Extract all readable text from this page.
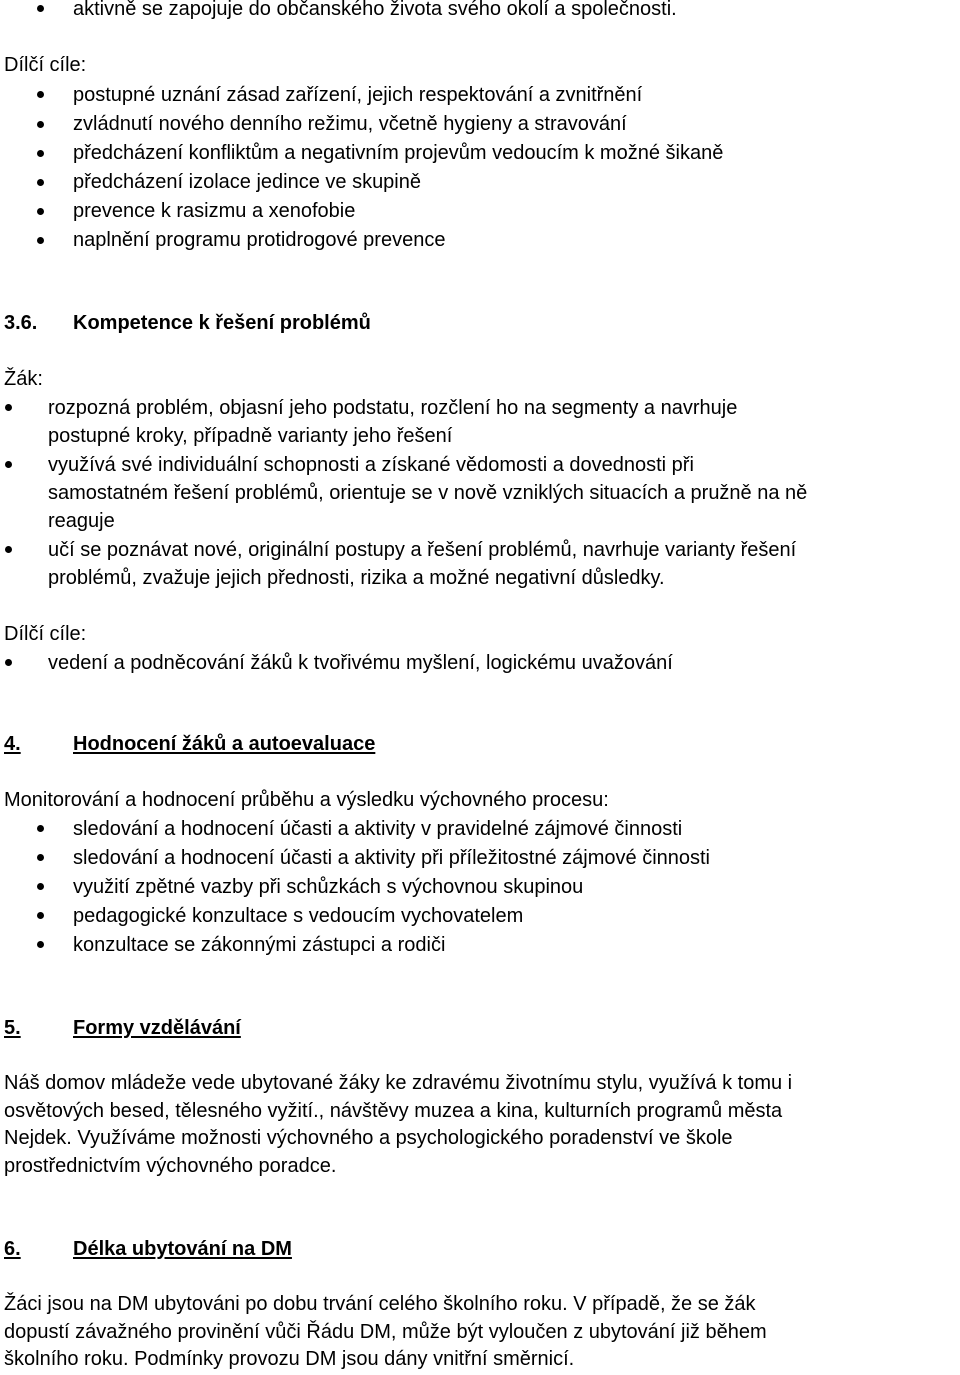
aktivně se zapojuje do občanského života svého okolí a společnosti.
Dílčí cíle:
postupné uznání zásad zařízení, jejich respektování a zvnitřnění
zvládnutí nového denního režimu, včetně hygieny a stravování
předcházení konfliktům a negativním projevům vedoucím k možné šikaně
předcházení izolace jedince ve skupině
prevence k rasizmu a xenofobie
naplnění programu protidrogové prevence
3.6. Kompetence k řešení problémů
Žák:
rozpozná problém, objasní jeho podstatu, rozčlení ho na segmenty a navrhuje
postupné kroky, případně varianty jeho řešení
využívá své individuální schopnosti a získané vědomosti a dovednosti při
samostatném řešení problémů, orientuje se v nově vzniklých situacích a pružně na ně
reaguje
učí se poznávat nové, originální postupy a řešení problémů, navrhuje varianty řešení
problémů, zvažuje jejich přednosti, rizika a možné negativní důsledky.
Dílčí cíle:
vedení a podněcování žáků k tvořivému myšlení, logickému uvažování
4.	Hodnocení žáků a autoevaluace
Monitorování a hodnocení průběhu a výsledku výchovného procesu:
sledování a hodnocení účasti a aktivity v pravidelné zájmové činnosti
sledování a hodnocení účasti a aktivity při příležitostné zájmové činnosti
využití zpětné vazby při schůzkách s výchovnou skupinou
pedagogické konzultace s vedoucím vychovatelem
konzultace se zákonnými zástupci a rodiči
5.	Formy vzdělávání
Náš domov mládeže vede ubytované žáky ke zdravému životnímu stylu, využívá k tomu i
osvětových besed, tělesného vyžití., návštěvy muzea a kina, kulturních programů města
Nejdek. Využíváme možnosti výchovného a psychologického poradenství ve škole
prostřednictvím výchovného poradce.
6.	Délka ubytování na DM
Žáci jsou na DM ubytováni po dobu trvání celého školního roku. V případě, že se žák
dopustí závažného provinění vůči Řádu DM, může být vyloučen z ubytování již během
školního roku. Podmínky provozu DM jsou dány vnitřní směrnicí.
